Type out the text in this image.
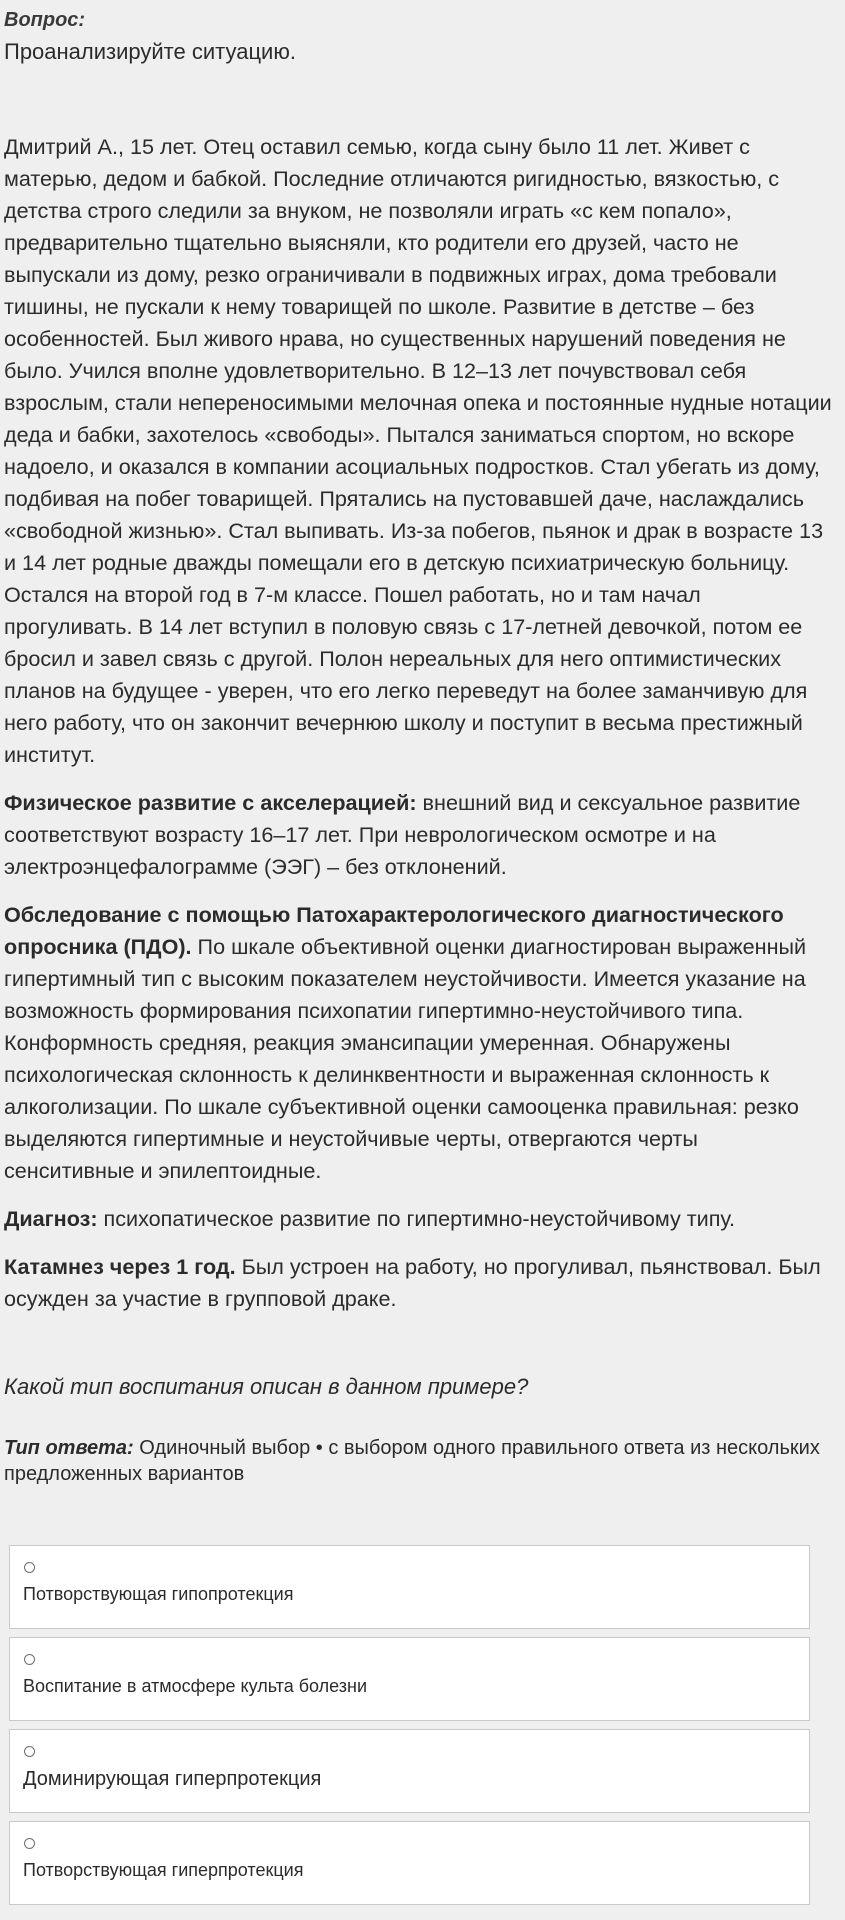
Вопрос:

Проанализируйте ситуацию.

Дмитрий А., 15 лет. Отец оставил семью, когда сыну было 11 лет. Живет с матерью, дедом и бабкой. Последние отличаются ригидностью, вязкостью, с детства строго следили за внуком, не позволяли играть «с кем попало», предварительно тщательно выясняли, кто родители его друзей, часто не выпускали из дому, резко ограничивали в подвижных играх, дома требовали тишины, не пускали к нему товарищей по школе. Развитие в детстве – без особенностей. Был живого нрава, но существенных нарушений поведения не было. Учился вполне удовлетворительно. В 12–13 лет почувствовал себя взрослым, стали непереносимыми мелочная опека и постоянные нудные нотации деда и бабки, захотелось «свободы». Пытался заниматься спортом, но вскоре надоело, и оказался в компании асоциальных подростков. Стал убегать из дому, подбивая на побег товарищей. Прятались на пустовавшей даче, наслаждались «свободной жизнью». Стал выпивать. Из-за побегов, пьянок и драк в возрасте 13 и 14 лет родные дважды помещали его в детскую психиатрическую больницу. Остался на второй год в 7-м классе. Пошел работать, но и там начал прогуливать. В 14 лет вступил в половую связь с 17-летней девочкой, потом ее бросил и завел связь с другой. Полон нереальных для него оптимистических планов на будущее - уверен, что его легко переведут на более заманчивую для него работу, что он закончит вечернюю школу и поступит в весьма престижный институт.

Физическое развитие с акселерацией: внешний вид и сексуальное развитие соответствуют возрасту 16–17 лет. При неврологическом осмотре и на электроэнцефалограмме (ЭЭГ) – без отклонений.

Обследование с помощью Патохарактерологического диагностического опросника (ПДО). По шкале объективной оценки диагностирован выраженный гипертимный тип с высоким показателем неустойчивости. Имеется указание на возможность формирования психопатии гипертимно-неустойчивого типа. Конформность средняя, реакция эмансипации умеренная. Обнаружены психологическая склонность к делинквентности и выраженная склонность к алкоголизации. По шкале субъективной оценки самооценка правильная: резко выделяются гипертимные и неустойчивые черты, отвергаются черты сенситивные и эпилептоидные.

Диагноз: психопатическое развитие по гипертимно-неустойчивому типу.

Катамнез через 1 год. Был устроен на работу, но прогуливал, пьянствовал. Был осужден за участие в групповой драке.

Какой тип воспитания описан в данном примере?

Тип ответа: Одиночный выбор • с выбором одного правильного ответа из нескольких предложенных вариантов

Потворствующая гипопротекция
Воспитание в атмосфере культа болезни
Доминирующая гиперпротекция
Потворствующая гиперпротекция
